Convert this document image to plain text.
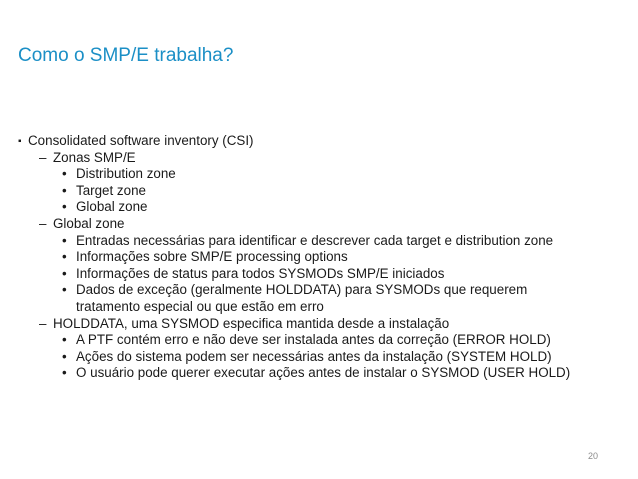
Como o SMP/E trabalha?
▪ Consolidated software inventory (CSI)
– Zonas SMP/E
• Distribution zone
• Target zone
• Global zone
– Global zone
• Entradas necessárias para identificar e descrever cada target e distribution zone
• Informações sobre SMP/E processing options
• Informações de status para todos SYSMODs SMP/E iniciados
• Dados de exceção (geralmente HOLDDATA) para SYSMODs que requerem tratamento especial ou que estão em erro
– HOLDDATA, uma SYSMOD especifica mantida desde a instalação
• A PTF contém erro e não deve ser instalada antes da correção (ERROR HOLD)
• Ações do sistema podem ser necessárias antes da instalação (SYSTEM HOLD)
• O usuário pode querer executar ações antes de instalar o SYSMOD (USER HOLD)
20
